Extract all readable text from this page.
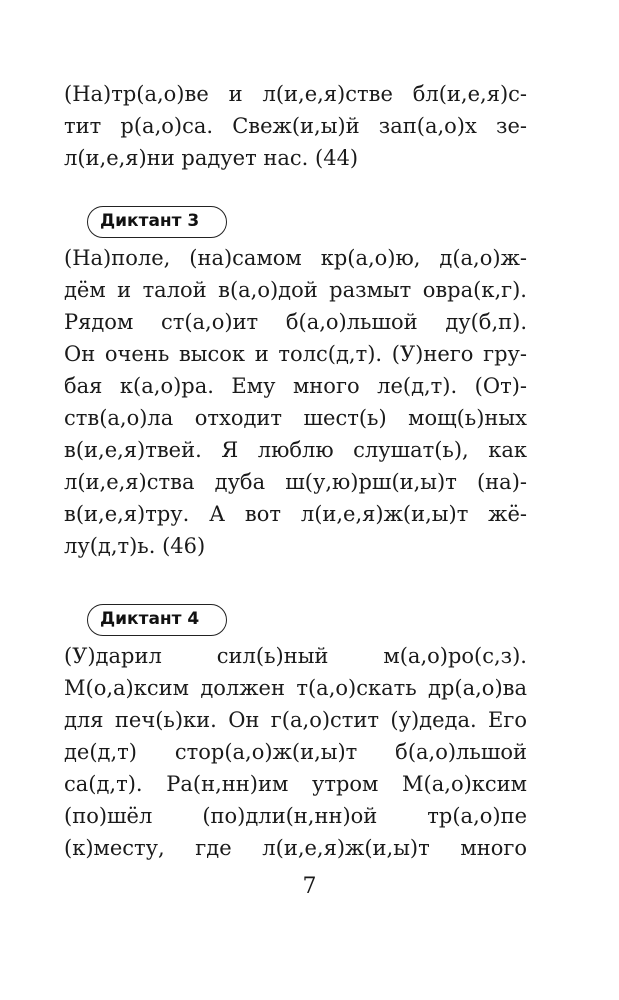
(На)тр(а,о)ве и л(и,е,я)стве бл(и,е,я)с-
тит р(а,о)са. Свеж(и,ы)й зап(а,о)х зе-
л(и,е,я)ни радует нас. (44)
Диктант 3
(На)поле, (на)самом кр(а,о)ю, д(а,о)ж-
дём и талой в(а,о)дой размыт овра(к,г).
Рядом ст(а,о)ит б(а,о)льшой ду(б,п).
Он очень высок и толс(д,т). (У)него гру-
бая к(а,о)ра. Ему много ле(д,т). (От)-
ств(а,о)ла отходит шест(ь) мощ(ь)ных
в(и,е,я)твей. Я люблю слушат(ь), как
л(и,е,я)ства дуба ш(у,ю)рш(и,ы)т (на)-
в(и,е,я)тру. А вот л(и,е,я)ж(и,ы)т жё-
лу(д,т)ь. (46)
Диктант 4
(У)дарил сил(ь)ный м(а,о)ро(с,з).
М(о,а)ксим должен т(а,о)скать др(а,о)ва
для печ(ь)ки. Он г(а,о)стит (у)деда. Его
де(д,т) стор(а,о)ж(и,ы)т б(а,о)льшой
са(д,т). Ра(н,нн)им утром М(а,о)ксим
(по)шёл (по)дли(н,нн)ой тр(а,о)пе
(к)месту, где л(и,е,я)ж(и,ы)т много
7
